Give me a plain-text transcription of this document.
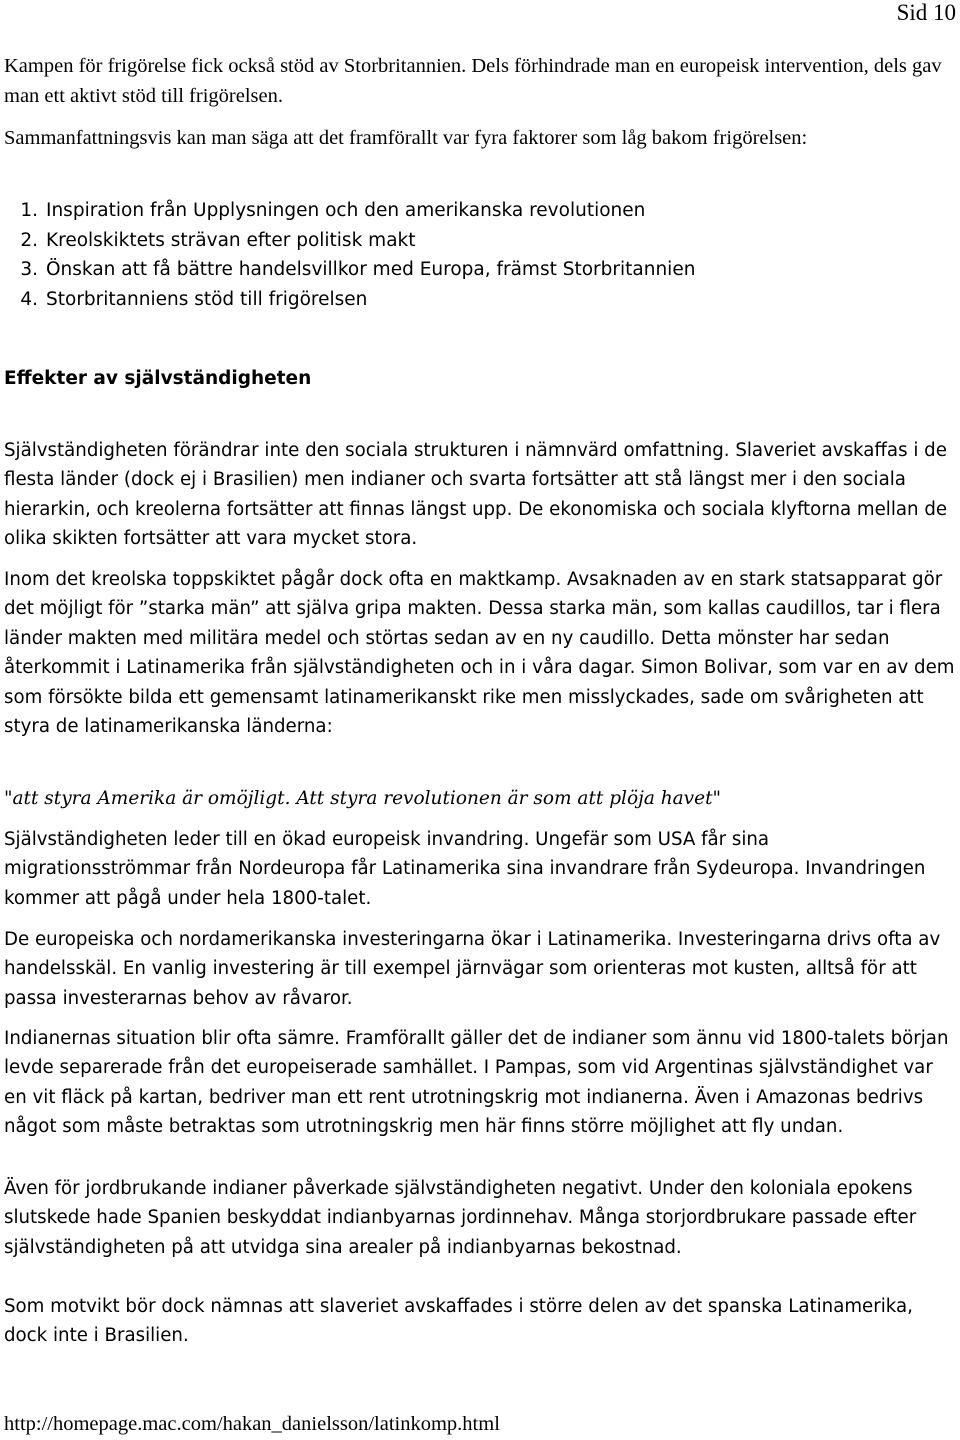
Sid 10

Kampen för frigörelse fick också stöd av Storbritannien. Dels förhindrade man en europeisk intervention, dels gav man ett aktivt stöd till frigörelsen.

Sammanfattningsvis kan man säga att det framförallt var fyra faktorer som låg bakom frigörelsen:

1. Inspiration från Upplysningen och den amerikanska revolutionen
2. Kreolskiktets strävan efter politisk makt
3. Önskan att få bättre handelsvillkor med Europa, främst Storbritannien
4. Storbritanniens stöd till frigörelsen
Effekter av självständigheten

Självständigheten förändrar inte den sociala strukturen i nämnvärd omfattning. Slaveriet avskaffas i de flesta länder (dock ej i Brasilien) men indianer och svarta fortsätter att stå längst mer i den sociala hierarkin, och kreolerna fortsätter att finnas längst upp. De ekonomiska och sociala klyftorna mellan de olika skikten fortsätter att vara mycket stora.

Inom det kreolska toppskiktet pågår dock ofta en maktkamp. Avsaknaden av en stark statsapparat gör det möjligt för ”starka män” att själva gripa makten. Dessa starka män, som kallas caudillos, tar i flera länder makten med militära medel och störtas sedan av en ny caudillo. Detta mönster har sedan återkommit i Latinamerika från självständigheten och in i våra dagar. Simon Bolivar, som var en av dem som försökte bilda ett gemensamt latinamerikanskt rike men misslyckades, sade om svårigheten att styra de latinamerikanska länderna:

"att styra Amerika är omöjligt. Att styra revolutionen är som att plöja havet"

Självständigheten leder till en ökad europeisk invandring. Ungefär som USA får sina migrationsströmmar från Nordeuropa får Latinamerika sina invandrare från Sydeuropa. Invandringen kommer att pågå under hela 1800-talet.

De europeiska och nordamerikanska investeringarna ökar i Latinamerika. Investeringarna drivs ofta av handelsskäl. En vanlig investering är till exempel järnvägar som orienteras mot kusten, alltså för att passa investerarnas behov av råvaror.

Indianernas situation blir ofta sämre. Framförallt gäller det de indianer som ännu vid 1800-talets början levde separerade från det europeiserade samhället. I Pampas, som vid Argentinas självständighet var en vit fläck på kartan, bedriver man ett rent utrotningskrig mot indianerna. Även i Amazonas bedrivs något som måste betraktas som utrotningskrig men här finns större möjlighet att fly undan.

Även för jordbrukande indianer påverkade självständigheten negativt. Under den koloniala epokens slutskede hade Spanien beskyddat indianbyarnas jordinnehav. Många storjordbrukare passade efter självständigheten på att utvidga sina arealer på indianbyarnas bekostnad.

Som motvikt bör dock nämnas att slaveriet avskaffades i större delen av det spanska Latinamerika, dock inte i Brasilien.

http://homepage.mac.com/hakan_danielsson/latinkomp.html
